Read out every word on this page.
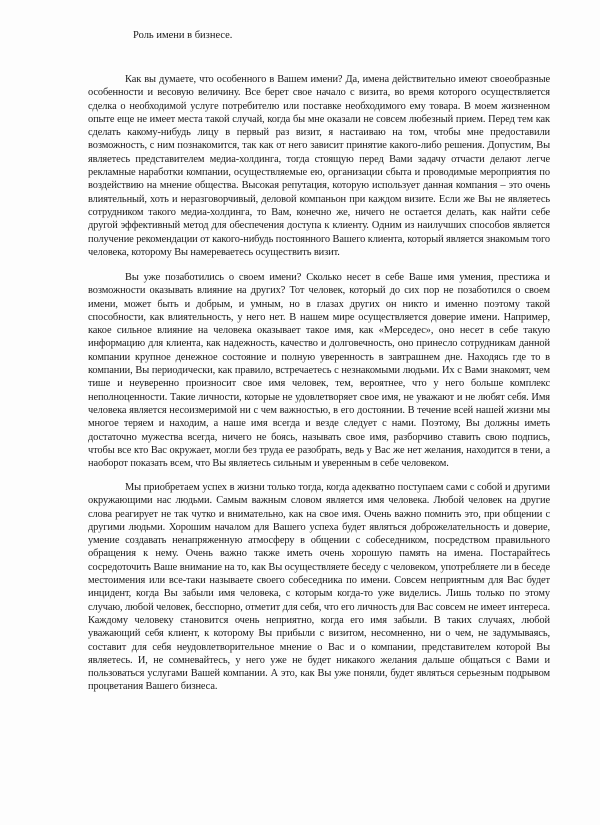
Роль имени в бизнесе.

Как вы думаете, что особенного в Вашем имени? Да, имена действительно имеют своеобразные особенности и весовую величину. Все берет свое начало с визита, во время которого осуществляется сделка о необходимой услуге потребителю или поставке необходимого ему товара. В моем жизненном опыте еще не имеет места такой случай, когда бы мне оказали не совсем любезный прием. Перед тем как сделать какому-нибудь лицу в первый раз визит, я настаиваю на том, чтобы мне предоставили возможность, с ним познакомится, так как от него зависит принятие какого-либо решения. Допустим, Вы являетесь представителем медиа-холдинга, тогда стоящую перед Вами задачу отчасти делают легче рекламные наработки компании, осуществляемые ею, организации сбыта и проводимые мероприятия по воздействию на мнение общества. Высокая репутация, которую использует данная компания – это очень влиятельный, хоть и неразговорчивый, деловой компаньон при каждом визите. Если же Вы не являетесь сотрудником такого медиа-холдинга, то Вам, конечно же, ничего не остается делать, как найти себе другой эффективный метод для обеспечения доступа к клиенту. Одним из наилучших способов является получение рекомендации от какого-нибудь постоянного Вашего клиента, который является знакомым того человека, которому Вы намереваетесь осуществить визит.

Вы уже позаботились о своем имени? Сколько несет в себе Ваше имя умения, престижа и возможности оказывать влияние на других? Тот человек, который до сих пор не позаботился о своем имени, может быть и добрым, и умным, но в глазах других он никто и именно поэтому такой способности, как влиятельность, у него нет. В нашем мире осуществляется доверие имени. Например, какое сильное влияние на человека оказывает такое имя, как «Мерседес», оно несет в себе такую информацию для клиента, как надежность, качество и долговечность, оно принесло сотрудникам данной компании крупное денежное состояние и полную уверенность в завтрашнем дне. Находясь где то в компании, Вы периодически, как правило, встречаетесь с незнакомыми людьми. Их с Вами знакомят, чем тише и неувереннo произносит свое имя человек, тем, вероятнее, что у него больше комплекс неполноценности. Такие личности, которые не удовлетворяет свое имя, не уважают и не любят себя. Имя человека является несоизмеримой ни с чем важностью, в его достоянии. В течение всей нашей жизни мы многое теряем и находим, а наше имя всегда и везде следует с нами. Поэтому, Вы должны иметь достаточно мужества всегда, ничего не боясь, называть свое имя, разборчиво ставить свою подпись, чтобы все кто Вас окружает, могли без труда ее разобрать, ведь у Вас же нет желания, находится в тени, а наоборот показать всем, что Вы являетесь сильным и уверенным в себе человеком.

Мы приобретаем успех в жизни только тогда, когда адекватно поступаем сами с собой и другими окружающими нас людьми. Самым важным словом является имя человека. Любой человек на другие слова реагирует не так чутко и внимательно, как на свое имя. Очень важно помнить это, при общении с другими людьми. Хорошим началом для Вашего успеха будет являться доброжелательность и доверие, умение создавать ненапряженную атмосферу в общении с собеседником, посредством правильного обращения к нему. Очень важно также иметь очень хорошую память на имена. Постарайтесь сосредоточить Ваше внимание на то, как Вы осуществляете беседу с человеком, употребляете ли в беседе местоимения или все-таки называете своего собеседника по имени. Совсем неприятным для Вас будет инцидент, когда Вы забыли имя человека, с которым когда-то уже виделись. Лишь только по этому случаю, любой человек, бесспорно, отметит для себя, что его личность для Вас совсем не имеет интереса. Каждому человеку становится очень неприятно, когда его имя забыли. В таких случаях, любой уважающий себя клиент, к которому Вы прибыли с визитом, несомненно, ни о чем, не задумываясь, составит для себя неудовлетворительное мнение о Вас и о компании, представителем которой Вы являетесь. И, не сомневайтесь, у него уже не будет никакого желания дальше общаться с Вами и пользоваться услугами Вашей компании. А это, как Вы уже поняли, будет являться серьезным подрывом процветания Вашего бизнеса.
